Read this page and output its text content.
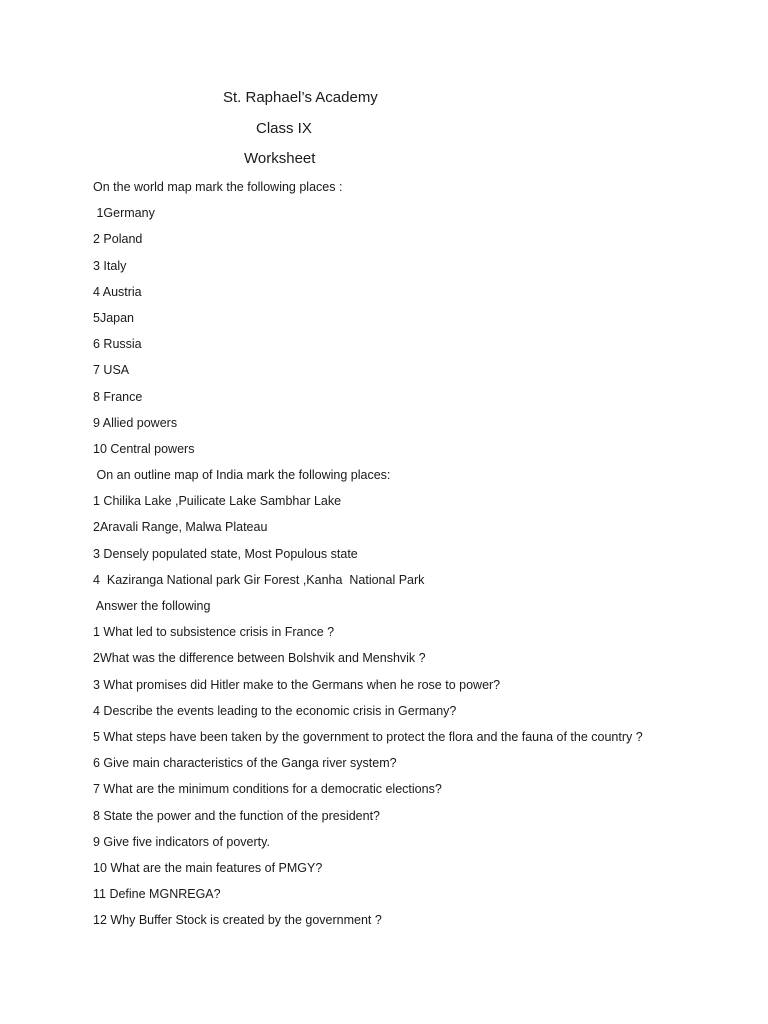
St. Raphael’s Academy
Class IX
Worksheet
On the world map mark the following places :
1Germany
2 Poland
3 Italy
4 Austria
5Japan
6 Russia
7 USA
8 France
9 Allied powers
10 Central powers
On an outline map of India mark the following places:
1 Chilika Lake ,Puilicate Lake Sambhar Lake
2Aravali Range, Malwa Plateau
3 Densely populated state, Most Populous state
4  Kaziranga National park Gir Forest ,Kanha  National Park
Answer the following
1 What led to subsistence crisis in France ?
2What was the difference between Bolshvik and Menshvik ?
3 What promises did Hitler make to the Germans when he rose to power?
4 Describe the events leading to the economic crisis in Germany?
5 What steps have been taken by the government to protect the flora and the fauna of the country ?
6 Give main characteristics of the Ganga river system?
7 What are the minimum conditions for a democratic elections?
8 State the power and the function of the president?
9 Give five indicators of poverty.
10 What are the main features of PMGY?
11 Define MGNREGA?
12 Why Buffer Stock is created by the government ?
